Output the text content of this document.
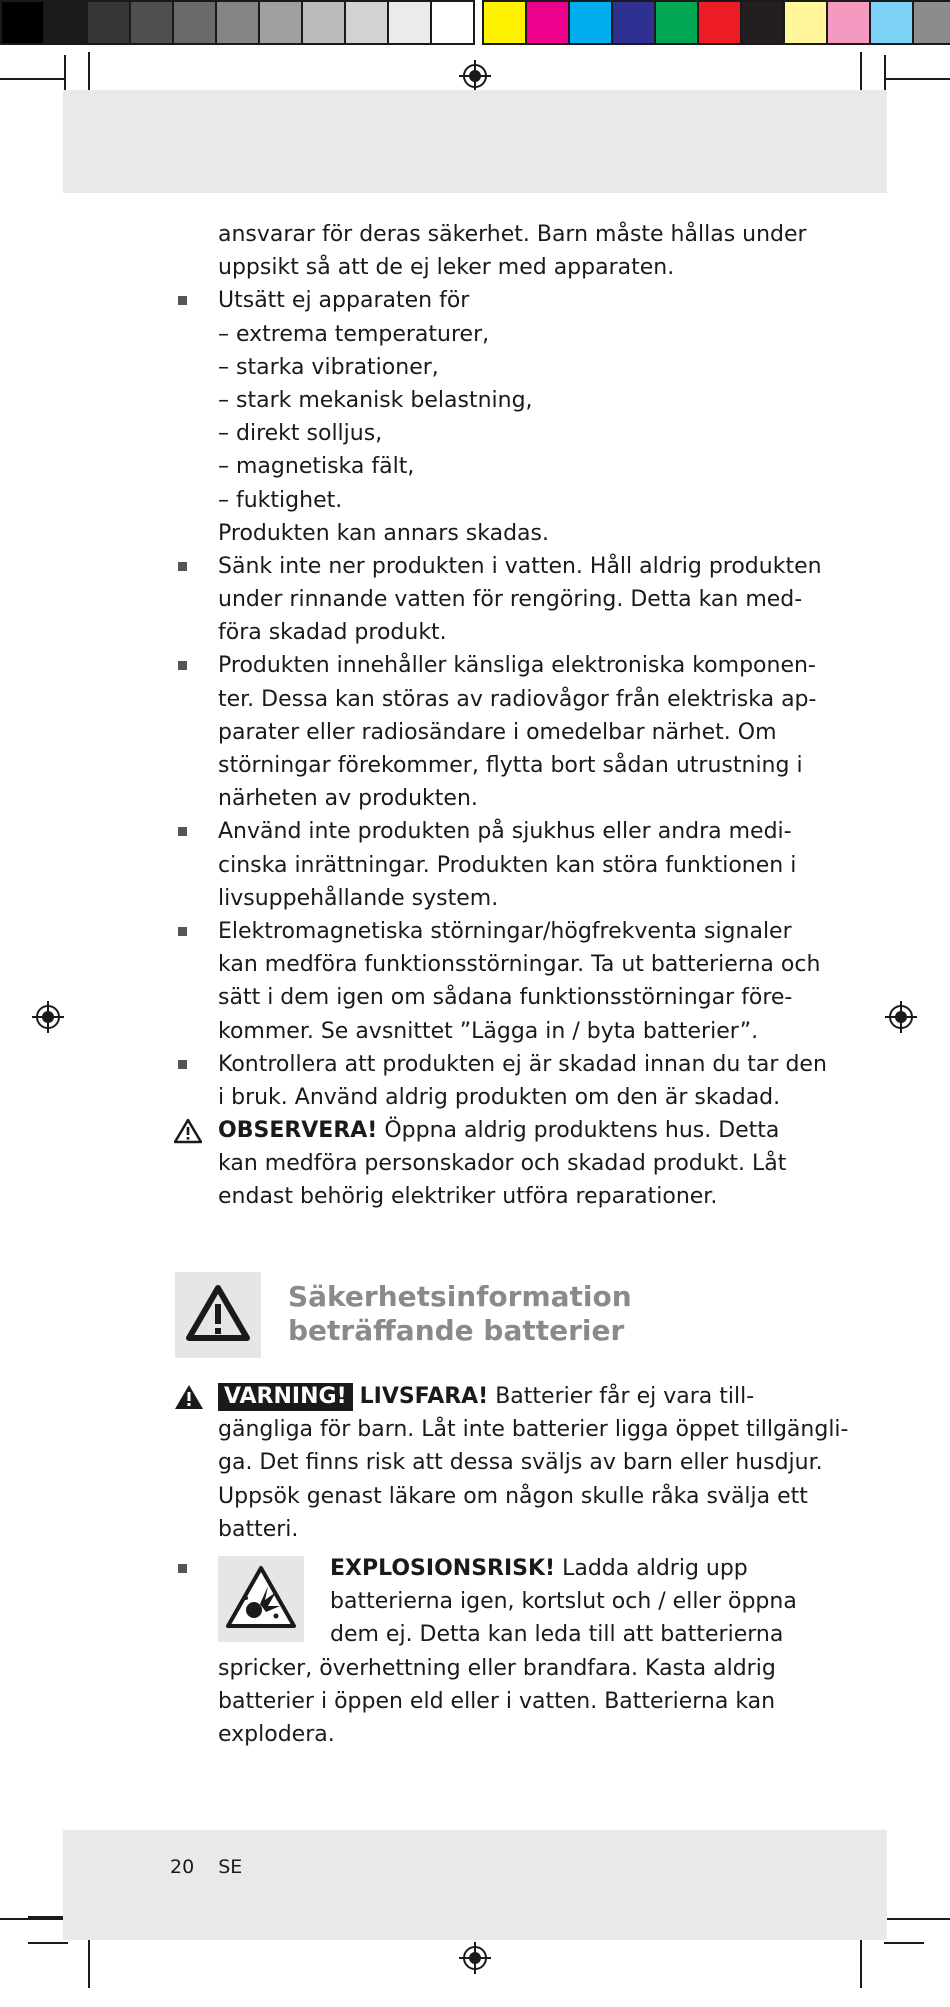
ansvarar för deras säkerhet. Barn måste hållas under
uppsikt så att de ej leker med apparaten.
Utsätt ej apparaten för
– extrema temperaturer,
– starka vibrationer,
– stark mekanisk belastning,
– direkt solljus,
– magnetiska fält,
– fuktighet.
Produkten kan annars skadas.
Sänk inte ner produkten i vatten. Håll aldrig produkten
under rinnande vatten för rengöring. Detta kan med-
föra skadad produkt.
Produkten innehåller känsliga elektroniska komponen-
ter. Dessa kan störas av radiovågor från elektriska ap-
parater eller radiosändare i omedelbar närhet. Om
störningar förekommer, flytta bort sådan utrustning i
närheten av produkten.
Använd inte produkten på sjukhus eller andra medi-
cinska inrättningar. Produkten kan störa funktionen i
livsuppehållande system.
Elektromagnetiska störningar/högfrekventa signaler
kan medföra funktionsstörningar. Ta ut batterierna och
sätt i dem igen om sådana funktionsstörningar före-
kommer. Se avsnittet ”Lägga in / byta batterier”.
Kontrollera att produkten ej är skadad innan du tar den
i bruk. Använd aldrig produkten om den är skadad.
OBSERVERA! Öppna aldrig produktens hus. Detta
kan medföra personskador och skadad produkt. Låt
endast behörig elektriker utföra reparationer.
Säkerhetsinformation
beträffande batterier
VARNING! LIVSFARA! Batterier får ej vara till-
gängliga för barn. Låt inte batterier ligga öppet tillgängli-
ga. Det finns risk att dessa sväljs av barn eller husdjur.
Uppsök genast läkare om någon skulle råka svälja ett
batteri.
EXPLOSIONSRISK! Ladda aldrig upp
batterierna igen, kortslut och / eller öppna
dem ej. Detta kan leda till att batterierna
spricker, överhettning eller brandfara. Kasta aldrig
batterier i öppen eld eller i vatten. Batterierna kan
explodera.
20 SE
